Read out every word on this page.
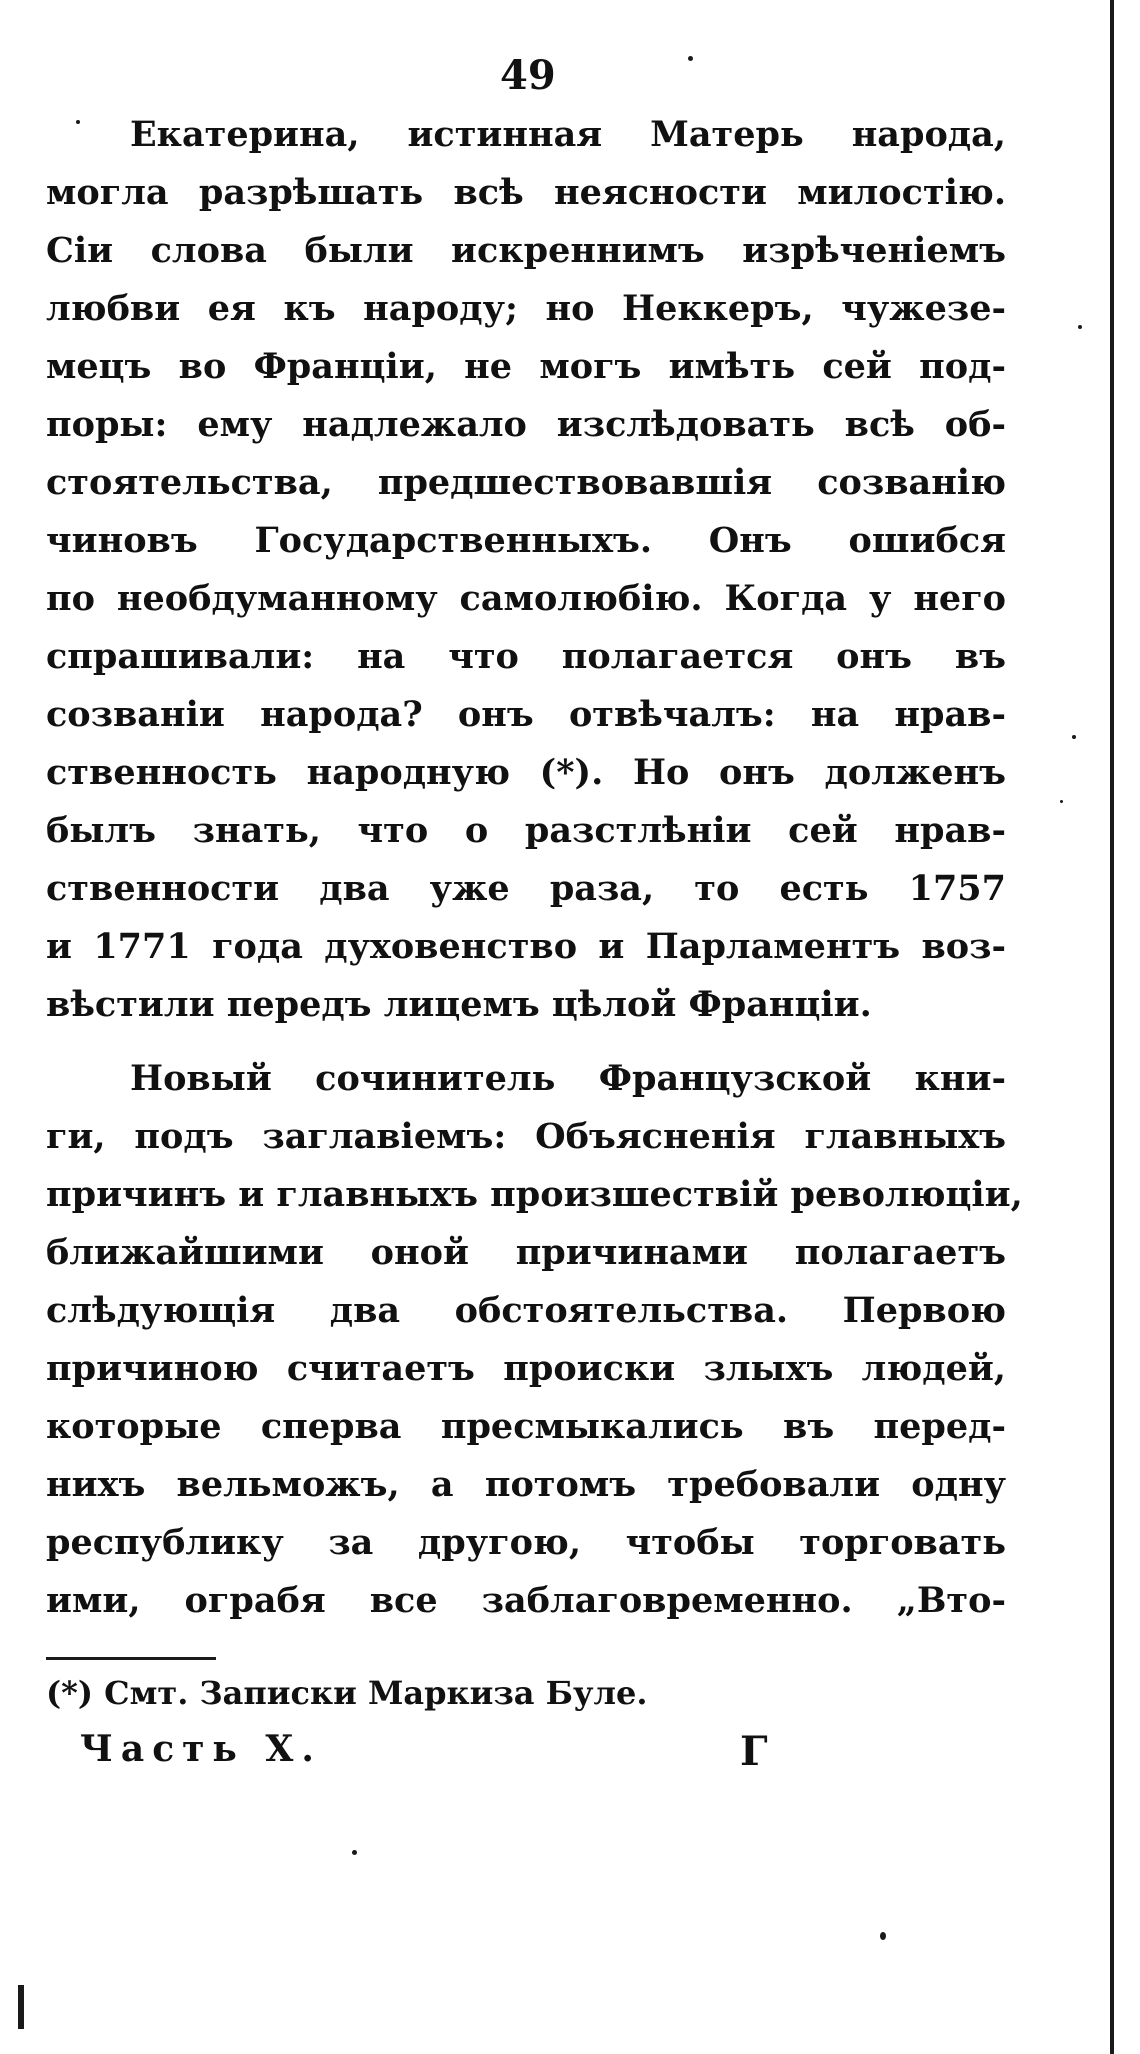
49
Екатерина, истинная Матерь народа,
могла разрѣшать всѣ неясности милостію.
Сіи слова были искреннимъ изрѣченіемъ
любви ея къ народу; но Неккеръ, чужезе-
мецъ во Франціи, не могъ имѣть сей под-
поры: ему надлежало изслѣдовать всѣ об-
стоятельства, предшествовавшія созванію
чиновъ Государственныхъ. Онъ ошибся
по необдуманному самолюбію. Когда у него
спрашивали: на что полагается онъ въ
созваніи народа? онъ отвѣчалъ: на нрав-
ственность народную (*). Но онъ долженъ
былъ знать, что о разстлѣніи сей нрав-
ственности два уже раза, то есть 1757
и 1771 года духовенство и Парламентъ воз-
вѣстили передъ лицемъ цѣлой Франціи.
Новый сочинитель Французской кни-
ги, подъ заглавіемъ: Объясненія главныхъ
причинъ и главныхъ произшествій революціи,
ближайшими оной причинами полагаетъ
слѣдующія два обстоятельства. Первою
причиною считаетъ происки злыхъ людей,
которые сперва пресмыкались въ перед-
нихъ вельможъ, а потомъ требовали одну
республику за другою, чтобы торговать
ими, ограбя все заблаговременно. „Вто-
(*) Смт. Записки Маркиза Буле.
Часть X.	Г
